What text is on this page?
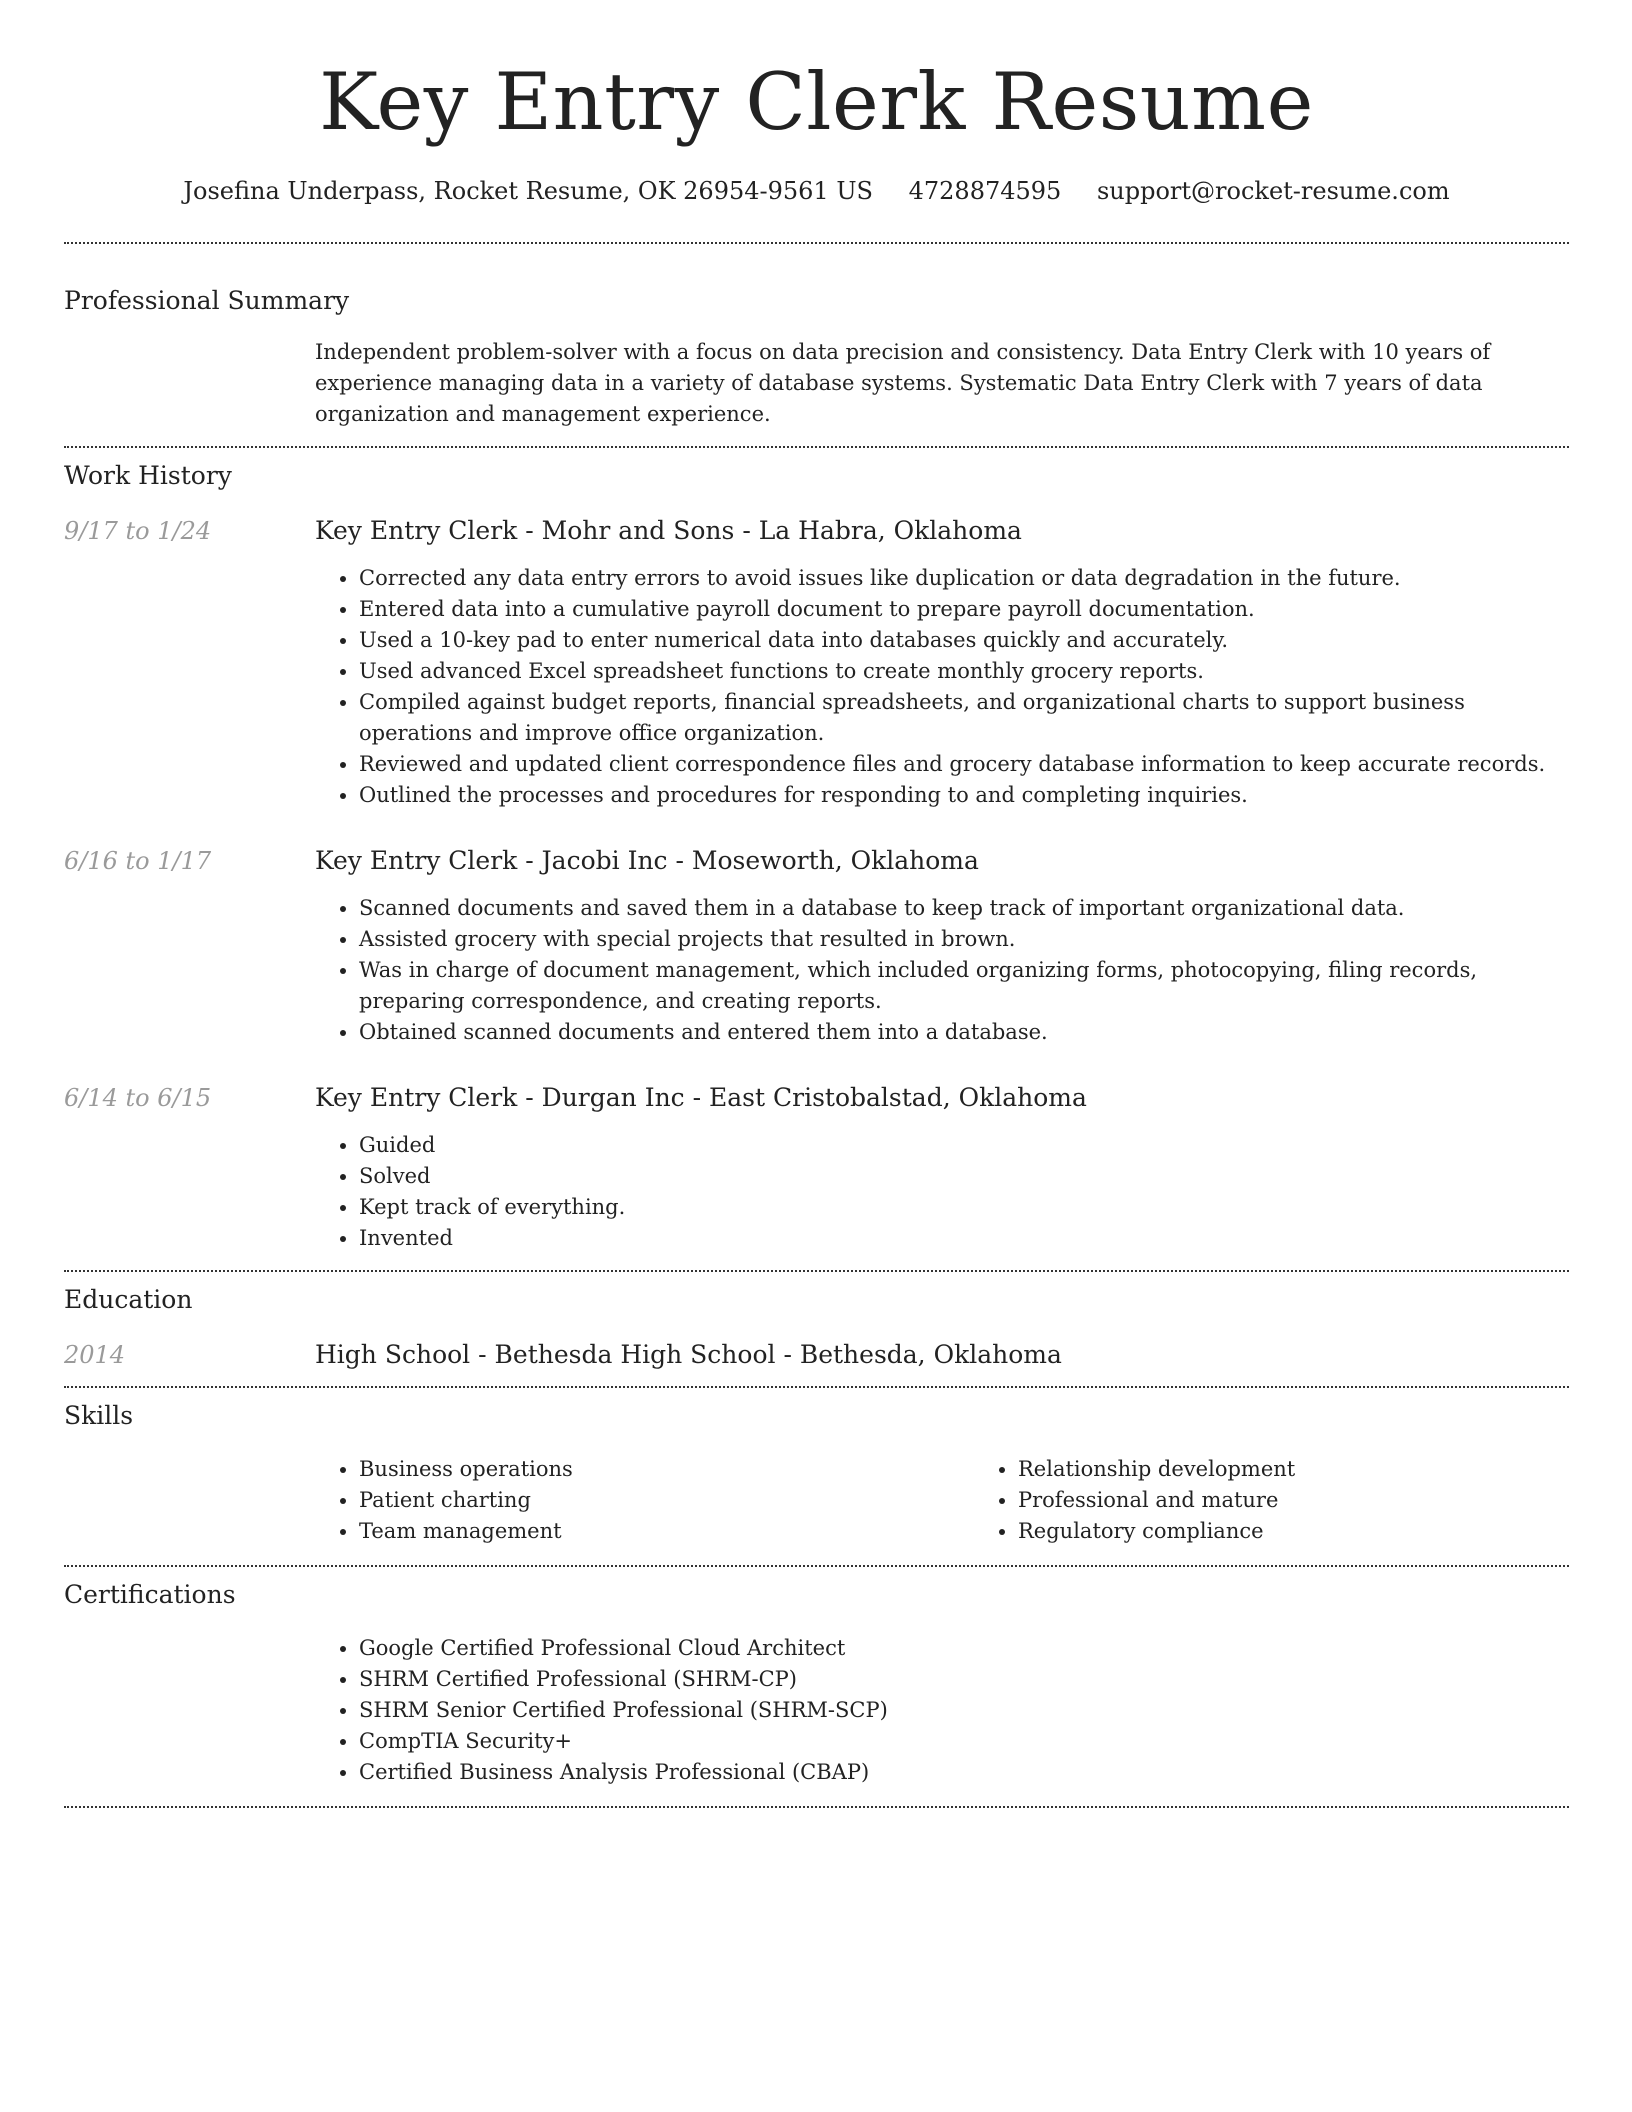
Key Entry Clerk Resume
Josefina Underpass, Rocket Resume, OK 26954-9561 US 4728874595 support@rocket-resume.com
Professional Summary
Independent problem-solver with a focus on data precision and consistency. Data Entry Clerk with 10 years of experience managing data in a variety of database systems. Systematic Data Entry Clerk with 7 years of data organization and management experience.
Work History
9/17 to 1/24	Key Entry Clerk - Mohr and Sons - La Habra, Oklahoma
• Corrected any data entry errors to avoid issues like duplication or data degradation in the future.
• Entered data into a cumulative payroll document to prepare payroll documentation.
• Used a 10-key pad to enter numerical data into databases quickly and accurately.
• Used advanced Excel spreadsheet functions to create monthly grocery reports.
• Compiled against budget reports, financial spreadsheets, and organizational charts to support business operations and improve office organization.
• Reviewed and updated client correspondence files and grocery database information to keep accurate records.
• Outlined the processes and procedures for responding to and completing inquiries.
6/16 to 1/17	Key Entry Clerk - Jacobi Inc - Moseworth, Oklahoma
• Scanned documents and saved them in a database to keep track of important organizational data.
• Assisted grocery with special projects that resulted in brown.
• Was in charge of document management, which included organizing forms, photocopying, filing records, preparing correspondence, and creating reports.
• Obtained scanned documents and entered them into a database.
6/14 to 6/15	Key Entry Clerk - Durgan Inc - East Cristobalstad, Oklahoma
• Guided
• Solved
• Kept track of everything.
• Invented
Education
2014	High School - Bethesda High School - Bethesda, Oklahoma
Skills
• Business operations
• Patient charting
• Team management
• Relationship development
• Professional and mature
• Regulatory compliance
Certifications
• Google Certified Professional Cloud Architect
• SHRM Certified Professional (SHRM-CP)
• SHRM Senior Certified Professional (SHRM-SCP)
• CompTIA Security+
• Certified Business Analysis Professional (CBAP)
